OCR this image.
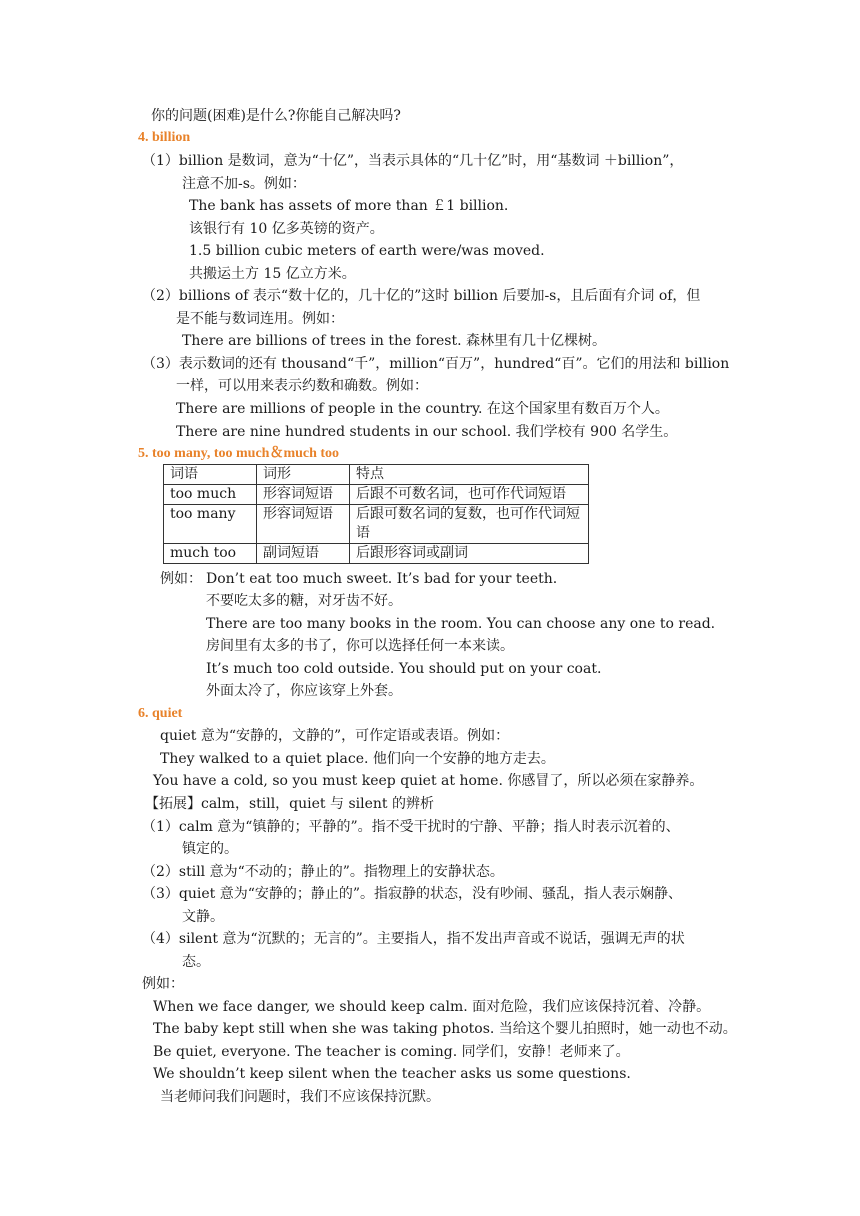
你的问题(困难)是什么?你能自己解决吗?
4. billion
（1）billion 是数词，意为“十亿”，当表示具体的“几十亿”时，用“基数词 ＋billion”，
注意不加-s。例如：
The bank has assets of more than ￡1 billion.
该银行有 10 亿多英镑的资产。
1.5 billion cubic meters of earth were/was moved.
共搬运土方 15 亿立方米。
（2）billions of 表示“数十亿的，几十亿的”这时 billion 后要加-s，且后面有介词 of，但
是不能与数词连用。例如：
There are billions of trees in the forest. 森林里有几十亿棵树。
（3）表示数词的还有 thousand“千”，million“百万”，hundred“百”。它们的用法和 billion
一样，可以用来表示约数和确数。例如：
There are millions of people in the country. 在这个国家里有数百万个人。
There are nine hundred students in our school. 我们学校有 900 名学生。
5. too many, too much＆much too
词语	词形	特点
too much	形容词短语	后跟不可数名词，也可作代词短语
too many	形容词短语	后跟可数名词的复数，也可作代词短语
much too	副词短语	后跟形容词或副词
例如： Don’t eat too much sweet. It’s bad for your teeth.
不要吃太多的糖，对牙齿不好。
There are too many books in the room. You can choose any one to read.
房间里有太多的书了，你可以选择任何一本来读。
It’s much too cold outside. You should put on your coat.
外面太冷了，你应该穿上外套。
6. quiet
quiet 意为“安静的，文静的”，可作定语或表语。例如：
They walked to a quiet place. 他们向一个安静的地方走去。
You have a cold, so you must keep quiet at home. 你感冒了，所以必须在家静养。
【拓展】calm，still，quiet 与 silent 的辨析
（1）calm 意为“镇静的；平静的”。指不受干扰时的宁静、平静；指人时表示沉着的、
镇定的。
（2）still 意为“不动的；静止的”。指物理上的安静状态。
（3）quiet 意为“安静的；静止的”。指寂静的状态，没有吵闹、骚乱，指人表示娴静、
文静。
（4）silent 意为“沉默的；无言的”。主要指人，指不发出声音或不说话，强调无声的状
态。
例如：
When we face danger, we should keep calm. 面对危险，我们应该保持沉着、冷静。
The baby kept still when she was taking photos. 当给这个婴儿拍照时，她一动也不动。
Be quiet, everyone. The teacher is coming. 同学们，安静！老师来了。
We shouldn’t keep silent when the teacher asks us some questions.
当老师问我们问题时，我们不应该保持沉默。
